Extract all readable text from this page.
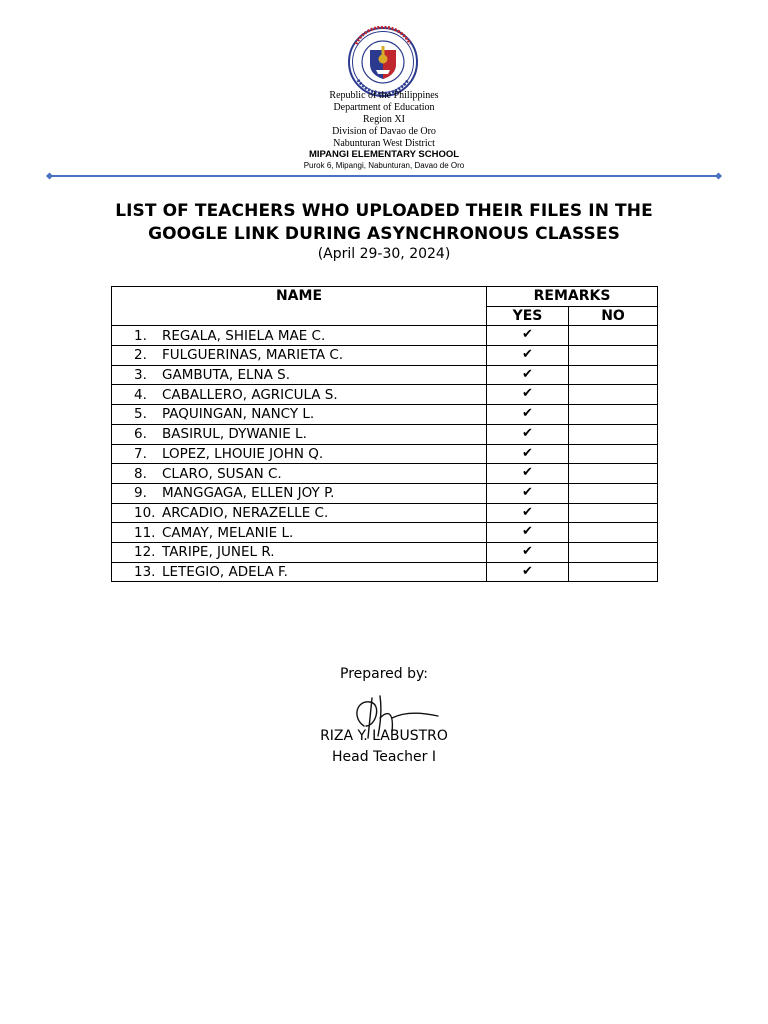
Republic of the Philippines
Department of Education
Region XI
Division of Davao de Oro
Nabunturan West District
MIPANGI ELEMENTARY SCHOOL
Purok 6, Mipangi, Nabunturan, Davao de Oro
LIST OF TEACHERS WHO UPLOADED THEIR FILES IN THE
GOOGLE LINK DURING ASYNCHRONOUS CLASSES
(April 29-30, 2024)
NAME	REMARKS	
	YES	NO
1. REGALA, SHIELA MAE C.	✔	
2. FULGUERINAS, MARIETA C.	✔	
3. GAMBUTA, ELNA S.	✔	
4. CABALLERO, AGRICULA S.	✔	
5. PAQUINGAN, NANCY L.	✔	
6. BASIRUL, DYWANIE L.	✔	
7. LOPEZ, LHOUIE JOHN Q.	✔	
8. CLARO, SUSAN C.	✔	
9. MANGGAGA, ELLEN JOY P.	✔	
10. ARCADIO, NERAZELLE C.	✔	
11. CAMAY, MELANIE L.	✔	
12. TARIPE, JUNEL R.	✔	
13. LETEGIO, ADELA F.	✔	
Prepared by:
RIZA Y. LABUSTRO
Head Teacher I
